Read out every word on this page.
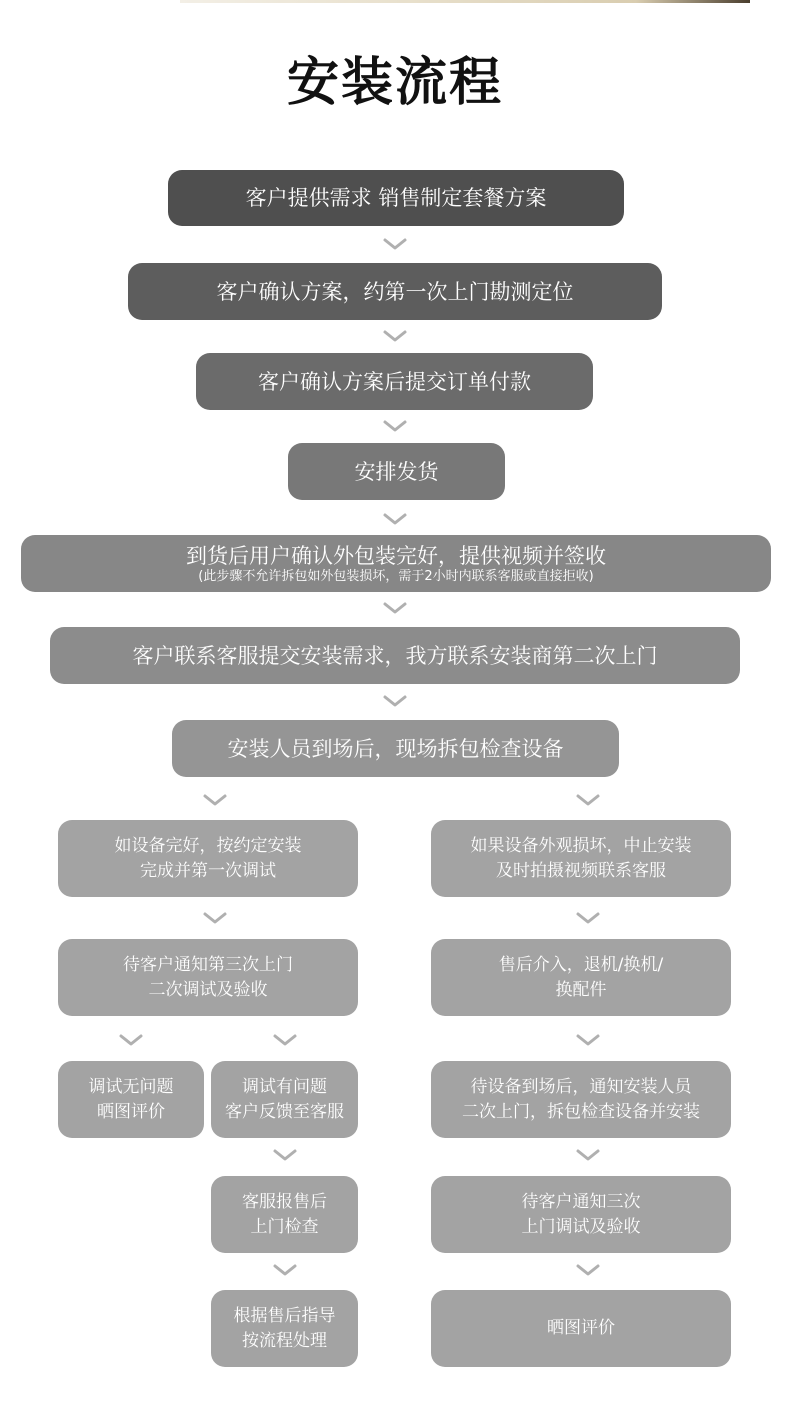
安装流程
客户提供需求 销售制定套餐方案
客户确认方案，约第一次上门勘测定位
客户确认方案后提交订单付款
安排发货
到货后用户确认外包装完好，提供视频并签收
(此步骤不允许拆包如外包装损坏，需于2小时内联系客服或直接拒收)
客户联系客服提交安装需求，我方联系安装商第二次上门
安装人员到场后，现场拆包检查设备
如设备完好，按约定安装
完成并第一次调试
待客户通知第三次上门
二次调试及验收
调试无问题
晒图评价
调试有问题
客户反馈至客服
客服报售后
上门检查
根据售后指导
按流程处理
如果设备外观损坏，中止安装
及时拍摄视频联系客服
售后介入，退机/换机/
换配件
待设备到场后，通知安装人员
二次上门，拆包检查设备并安装
待客户通知三次
上门调试及验收
晒图评价
